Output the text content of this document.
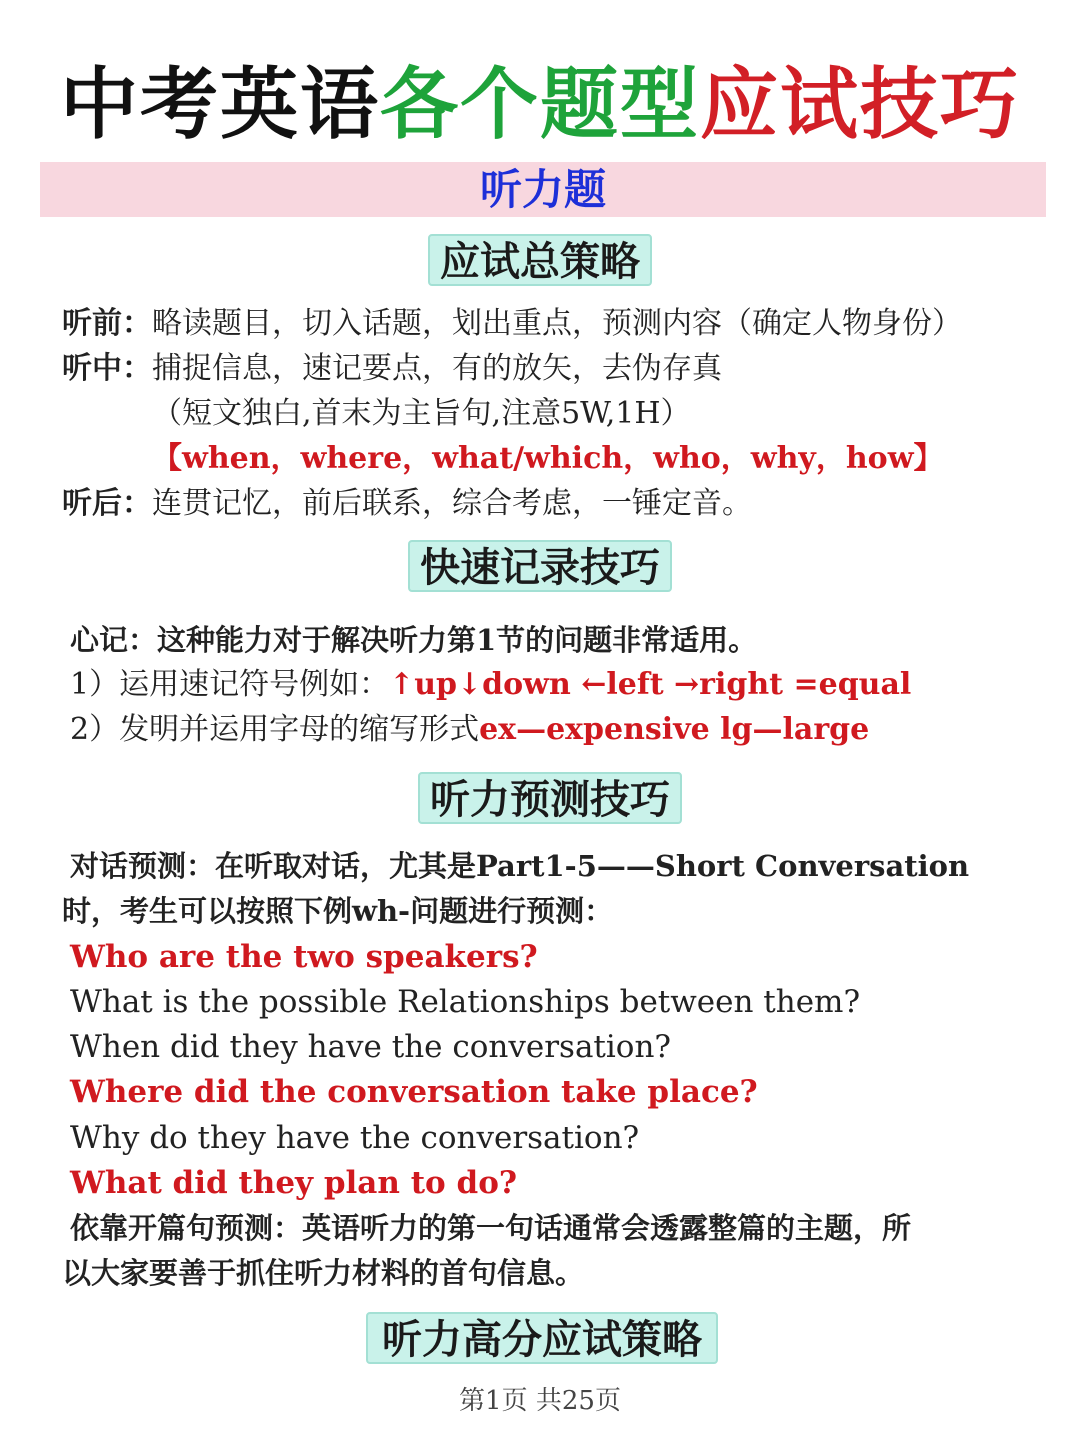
中考英语各个题型应试技巧
听力题
应试总策略
听前：略读题目，切入话题，划出重点，预测内容（确定人物身份）
听中：捕捉信息，速记要点，有的放矢，去伪存真
（短文独白,首末为主旨句,注意5W,1H）
【when，where，what/which，who，why，how】
听后：连贯记忆，前后联系，综合考虑，一锤定音。
快速记录技巧
心记：这种能力对于解决听力第1节的问题非常适用。
1）运用速记符号例如：↑up↓down ←left →right =equal
2）发明并运用字母的缩写形式ex—expensive lg—large
听力预测技巧
对话预测：在听取对话，尤其是Part1-5——Short Conversation
时，考生可以按照下例wh-问题进行预测：
Who are the two speakers?
What is the possible Relationships between them?
When did they have the conversation?
Where did the conversation take place?
Why do they have the conversation?
What did they plan to do?
依靠开篇句预测：英语听力的第一句话通常会透露整篇的主题，所
以大家要善于抓住听力材料的首句信息。
听力高分应试策略
第1页 共25页
